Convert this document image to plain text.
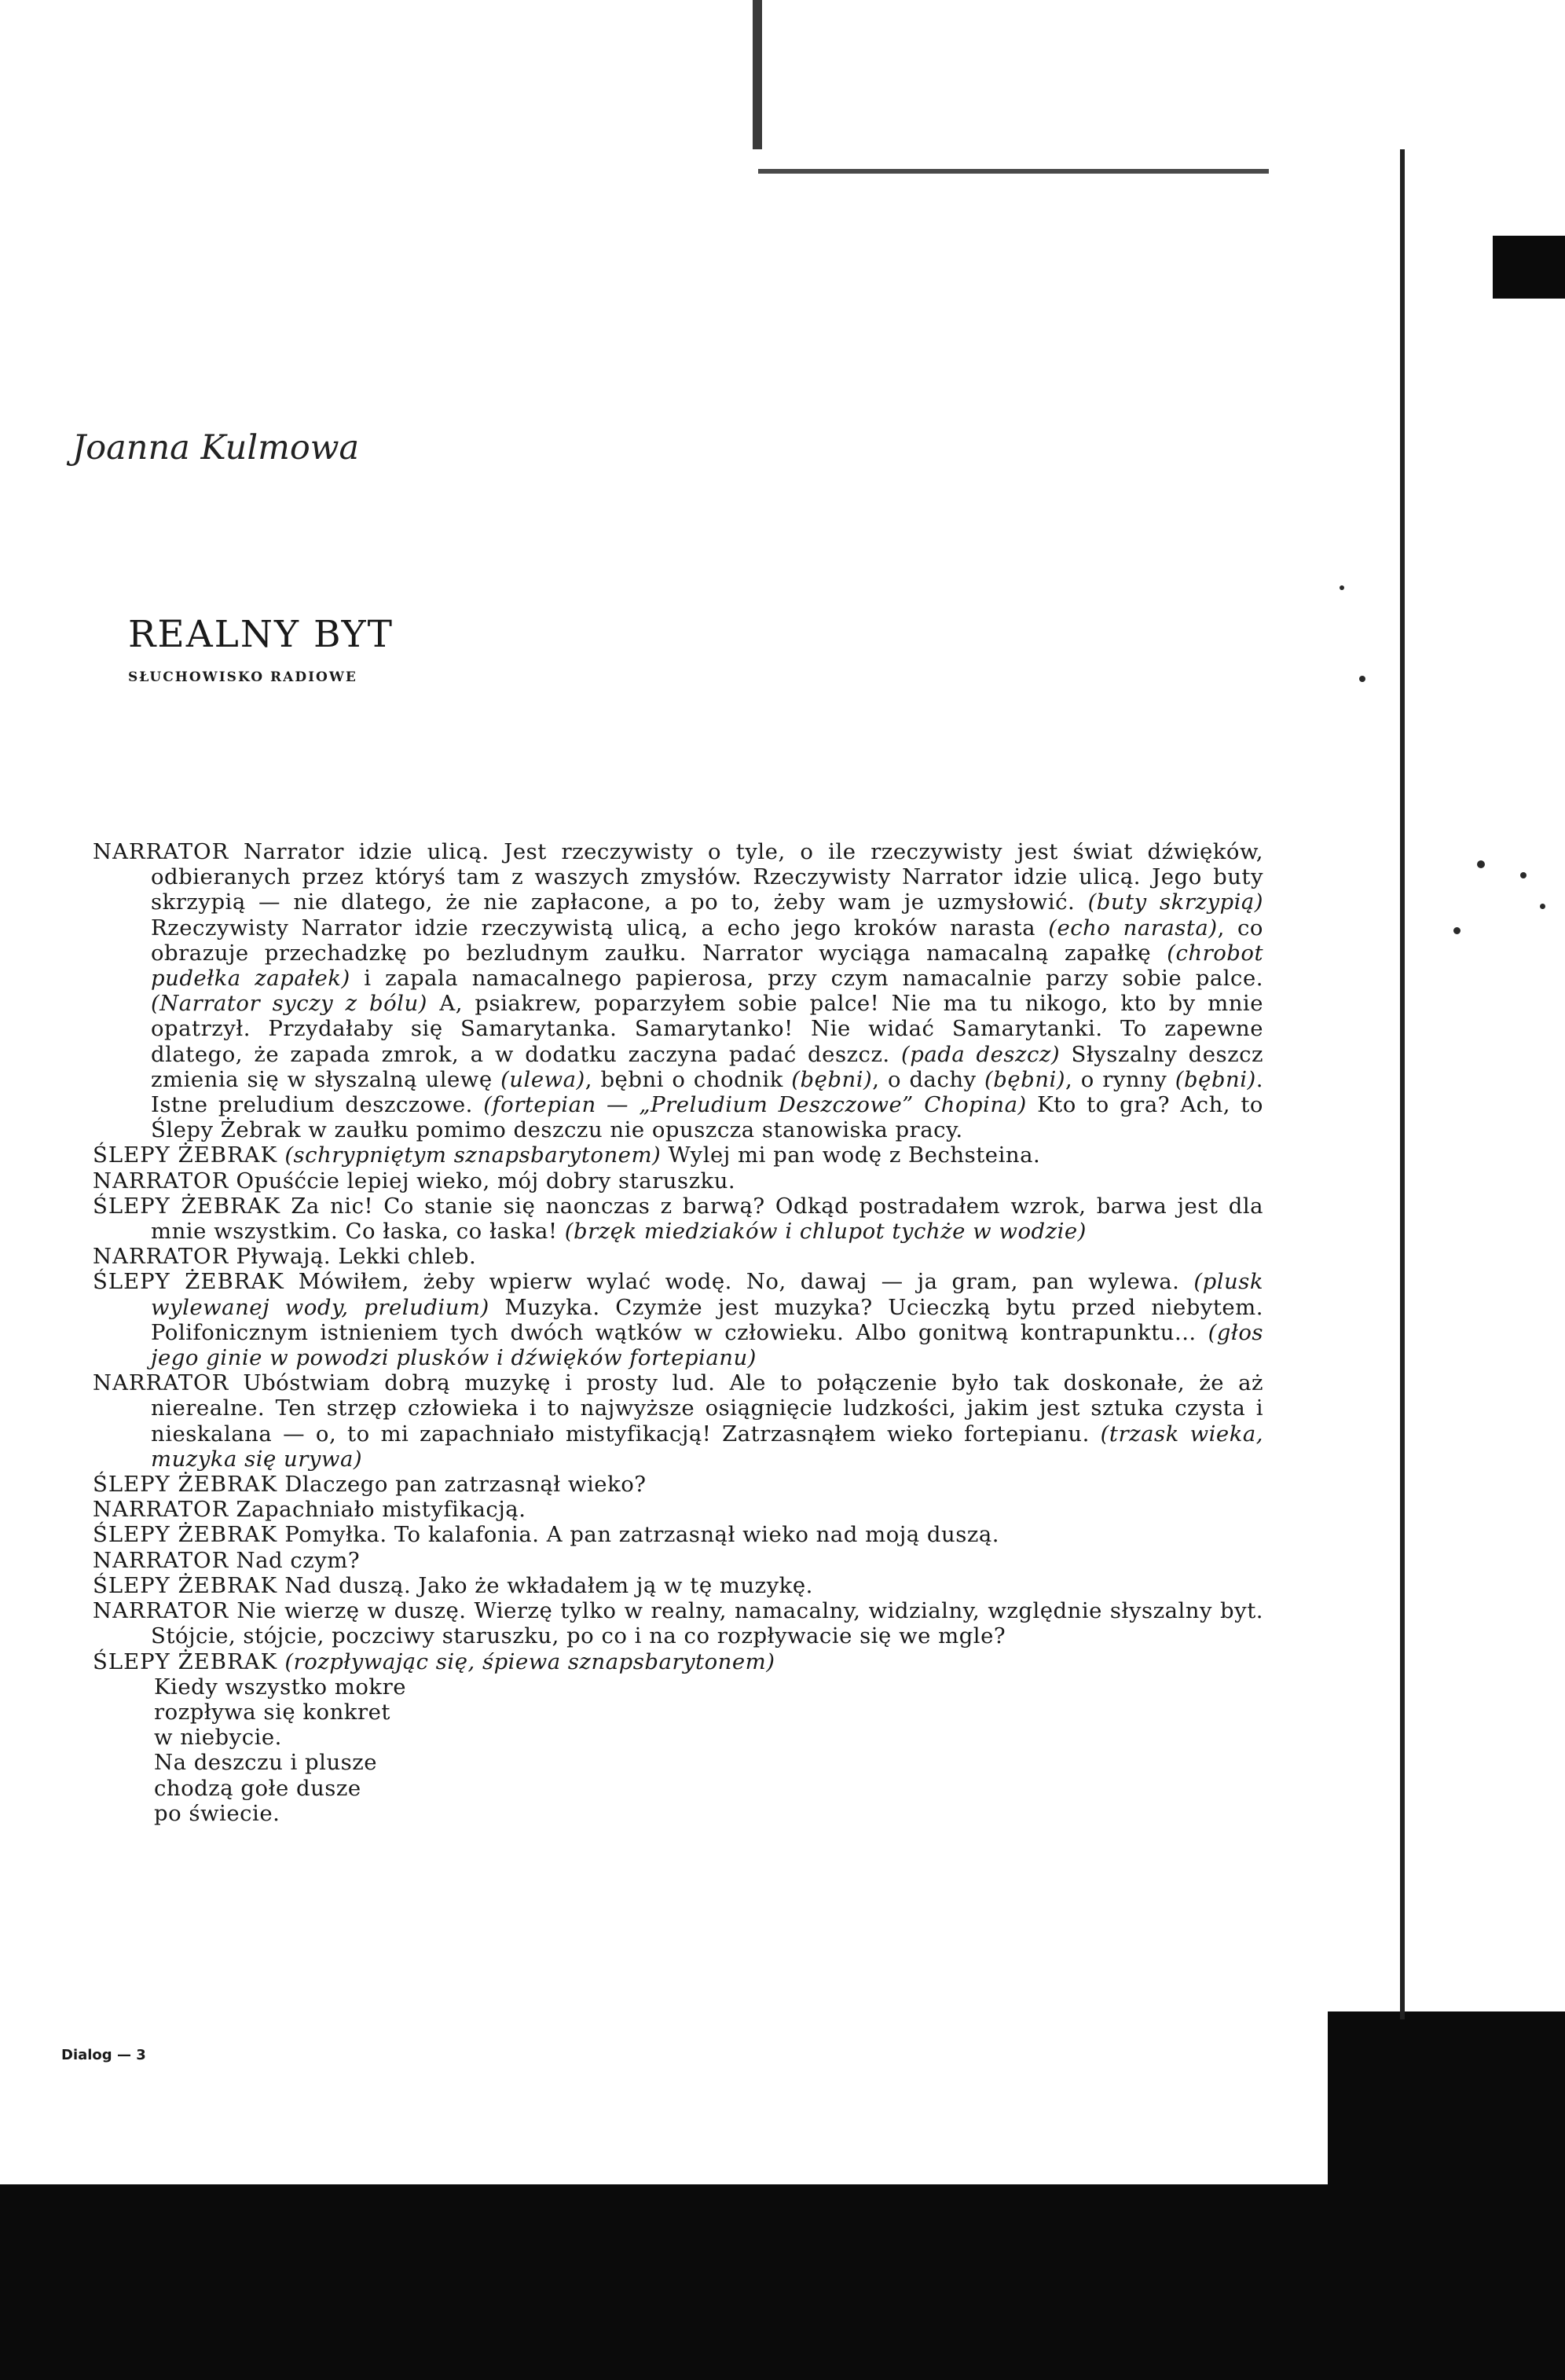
Joanna Kulmowa
REALNY BYT
SŁUCHOWISKO RADIOWE

NARRATOR Narrator idzie ulicą. Jest rzeczywisty o tyle, o ile rzeczywisty jest świat dźwięków, odbieranych przez któryś tam z waszych zmysłów. Rzeczywisty Narrator idzie ulicą. Jego buty skrzypią — nie dlatego, że nie zapłacone, a po to, żeby wam je uzmysłowić. (buty skrzypią) Rzeczywisty Narrator idzie rzeczywistą ulicą, a echo jego kroków narasta (echo narasta), co obrazuje przechadzkę po bezludnym zaułku. Narrator wyciąga namacalną zapałkę (chrobot pudełka zapałek) i zapala namacalnego papierosa, przy czym namacalnie parzy sobie palce. (Narrator syczy z bólu) A, psiakrew, poparzyłem sobie palce! Nie ma tu nikogo, kto by mnie opatrzył. Przydałaby się Samarytanka. Samarytanko! Nie widać Samarytanki. To zapewne dlatego, że zapada zmrok, a w dodatku zaczyna padać deszcz. (pada deszcz) Słyszalny deszcz zmienia się w słyszalną ulewę (ulewa), bębni o chodnik (bębni), o dachy (bębni), o rynny (bębni). Istne preludium deszczowe. (fortepian — „Preludium Deszczowe” Chopina) Kto to gra? Ach, to Ślepy Żebrak w zaułku pomimo deszczu nie opuszcza stanowiska pracy.

ŚLEPY ŻEBRAK (schrypniętym sznapsbarytonem) Wylej mi pan wodę z Bechsteina.

NARRATOR Opuśćcie lepiej wieko, mój dobry staruszku.

ŚLEPY ŻEBRAK Za nic! Co stanie się naonczas z barwą? Odkąd postradałem wzrok, barwa jest dla mnie wszystkim. Co łaska, co łaska! (brzęk miedziaków i chlupot tychże w wodzie)

NARRATOR Pływają. Lekki chleb.

ŚLEPY ŻEBRAK Mówiłem, żeby wpierw wylać wodę. No, dawaj — ja gram, pan wylewa. (plusk wylewanej wody, preludium) Muzyka. Czymże jest muzyka? Ucieczką bytu przed niebytem. Polifonicznym istnieniem tych dwóch wątków w człowieku. Albo gonitwą kontrapunktu... (głos jego ginie w powodzi plusków i dźwięków fortepianu)

NARRATOR Ubóstwiam dobrą muzykę i prosty lud. Ale to połączenie było tak doskonałe, że aż nierealne. Ten strzęp człowieka i to najwyższe osiągnięcie ludzkości, jakim jest sztuka czysta i nieskalana — o, to mi zapachniało mistyfikacją! Zatrzasnąłem wieko fortepianu. (trzask wieka, muzyka się urywa)

ŚLEPY ŻEBRAK Dlaczego pan zatrzasnął wieko?

NARRATOR Zapachniało mistyfikacją.

ŚLEPY ŻEBRAK Pomyłka. To kalafonia. A pan zatrzasnął wieko nad moją duszą.

NARRATOR Nad czym?

ŚLEPY ŻEBRAK Nad duszą. Jako że wkładałem ją w tę muzykę.

NARRATOR Nie wierzę w duszę. Wierzę tylko w realny, namacalny, widzialny, względnie słyszalny byt. Stójcie, stójcie, poczciwy staruszku, po co i na co rozpływacie się we mgle?

ŚLEPY ŻEBRAK (rozpływając się, śpiewa sznapsbarytonem)

Kiedy wszystko mokre
rozpływa się konkret
w niebycie.
Na deszczu i plusze
chodzą gołe dusze
po świecie.
Dialog — 3
